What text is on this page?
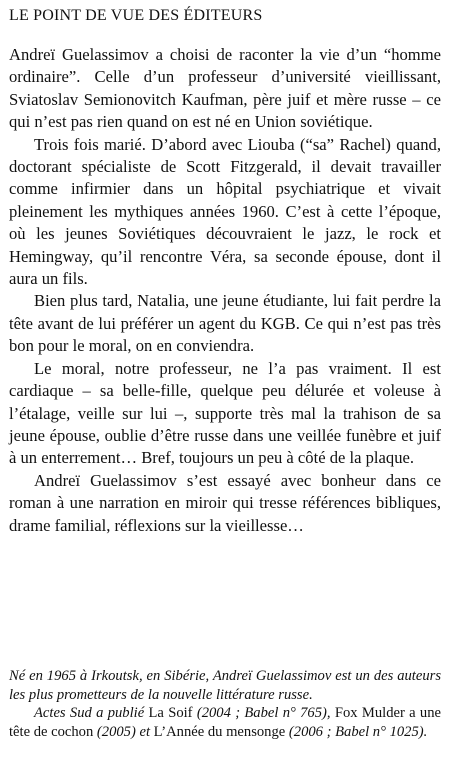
LE POINT DE VUE DES ÉDITEURS

Andreï Guelassimov a choisi de raconter la vie d’un “homme ordinaire”. Celle d’un professeur d’université vieillissant, Sviatoslav Semionovitch Kaufman, père juif et mère russe – ce qui n’est pas rien quand on est né en Union soviétique.

Trois fois marié. D’abord avec Liouba (“sa” Rachel) quand, doctorant spécialiste de Scott Fitzgerald, il devait travailler comme infirmier dans un hôpital psychiatrique et vivait pleinement les mythiques années 1960. C’est à cette l’époque, où les jeunes Soviétiques découvraient le jazz, le rock et Hemingway, qu’il rencontre Véra, sa seconde épouse, dont il aura un fils.

Bien plus tard, Natalia, une jeune étudiante, lui fait perdre la tête avant de lui préférer un agent du KGB. Ce qui n’est pas très bon pour le moral, on en conviendra.

Le moral, notre professeur, ne l’a pas vraiment. Il est cardiaque – sa belle-fille, quelque peu délurée et voleuse à l’étalage, veille sur lui –, supporte très mal la trahison de sa jeune épouse, oublie d’être russe dans une veillée funèbre et juif à un enterrement… Bref, toujours un peu à côté de la plaque.

Andreï Guelassimov s’est essayé avec bonheur dans ce roman à une narration en miroir qui tresse références bibliques, drame familial, réflexions sur la vieillesse…

Né en 1965 à Irkoutsk, en Sibérie, Andreï Guelassimov est un des auteurs les plus prometteurs de la nouvelle littérature russe.

Actes Sud a publié La Soif (2004 ; Babel n° 765), Fox Mulder a une tête de cochon (2005) et L’Année du mensonge (2006 ; Babel n° 1025).
